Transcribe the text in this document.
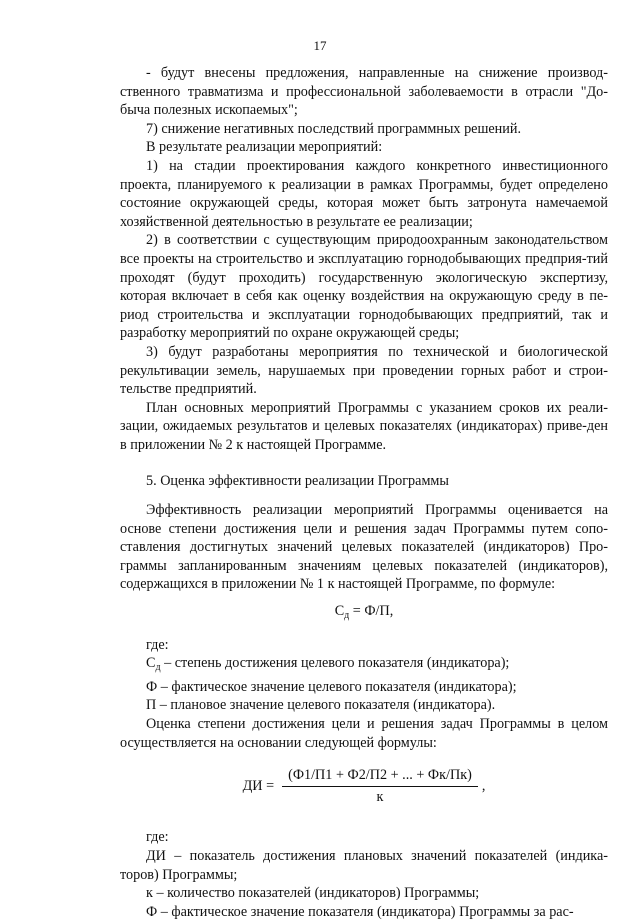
17

- будут внесены предложения, направленные на снижение производ-ственного травматизма и профессиональной заболеваемости в отрасли "До-быча полезных ископаемых";

7) снижение негативных последствий программных решений.

В результате реализации мероприятий:

1) на стадии проектирования каждого конкретного инвестиционного проекта, планируемого к реализации в рамках Программы, будет определено состояние окружающей среды, которая может быть затронута намечаемой хозяйственной деятельностью в результате ее реализации;

2) в соответствии с существующим природоохранным законодательством все проекты на строительство и эксплуатацию горнодобывающих предприя-тий проходят (будут проходить) государственную экологическую экспертизу, которая включает в себя как оценку воздействия на окружающую среду в пе-риод строительства и эксплуатации горнодобывающих предприятий, так и разработку мероприятий по охране окружающей среды;

3) будут разработаны мероприятия по технической и биологической рекультивации земель, нарушаемых при проведении горных работ и строи-тельстве предприятий.

План основных мероприятий Программы с указанием сроков их реали-зации, ожидаемых результатов и целевых показателях (индикаторах) приве-ден в приложении № 2 к настоящей Программе.

5. Оценка эффективности реализации Программы

Эффективность реализации мероприятий Программы оценивается на основе степени достижения цели и решения задач Программы путем сопо-ставления достигнутых значений целевых показателей (индикаторов) Про-граммы запланированным значениям целевых показателей (индикаторов), содержащихся в приложении № 1 к настоящей Программе, по формуле:

$С_д = Ф/П$,

где:

$С_д$ – степень достижения целевого показателя (индикатора);

Ф – фактическое значение целевого показателя (индикатора);

П – плановое значение целевого показателя (индикатора).

Оценка степени достижения цели и решения задач Программы в целом осуществляется на основании следующей формулы:

ДИ = $\frac{(Ф1/П1 + Ф2/П2 + ... + Фк/Пк)}{к}$ ,

где:

ДИ – показатель достижения плановых значений показателей (индика-торов) Программы;

к – количество показателей (индикаторов) Программы;

Ф – фактическое значение показателя (индикатора) Программы за рас-
